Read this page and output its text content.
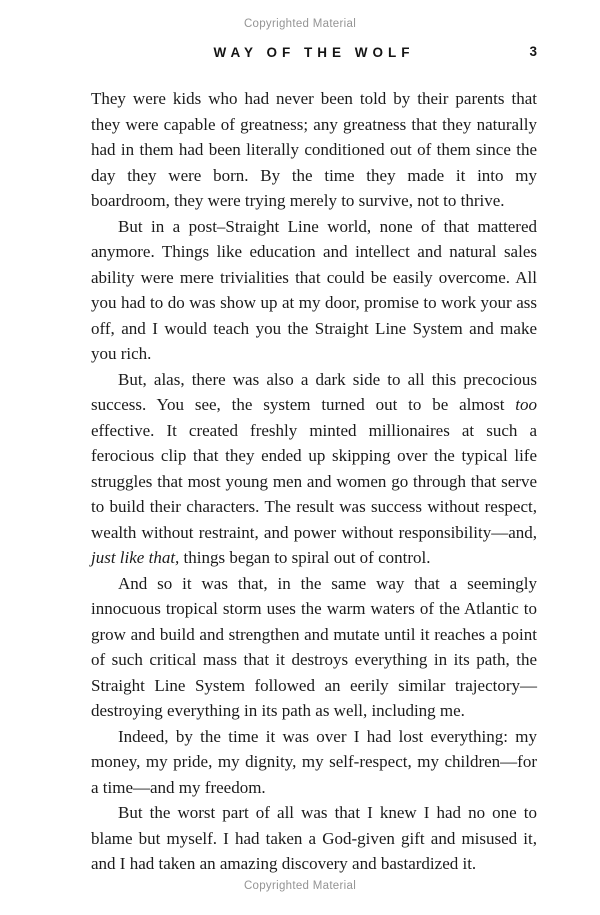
Copyrighted Material
WAY OF THE WOLF	3

They were kids who had never been told by their parents that they were capable of greatness; any greatness that they naturally had in them had been literally conditioned out of them since the day they were born. By the time they made it into my boardroom, they were trying merely to survive, not to thrive.

But in a post–Straight Line world, none of that mattered anymore. Things like education and intellect and natural sales ability were mere trivialities that could be easily overcome. All you had to do was show up at my door, promise to work your ass off, and I would teach you the Straight Line System and make you rich.

But, alas, there was also a dark side to all this precocious success. You see, the system turned out to be almost too effective. It created freshly minted millionaires at such a ferocious clip that they ended up skipping over the typical life struggles that most young men and women go through that serve to build their characters. The result was success without respect, wealth without restraint, and power without responsibility—and, just like that, things began to spiral out of control.

And so it was that, in the same way that a seemingly innocuous tropical storm uses the warm waters of the Atlantic to grow and build and strengthen and mutate until it reaches a point of such critical mass that it destroys everything in its path, the Straight Line System followed an eerily similar trajectory—destroying everything in its path as well, including me.

Indeed, by the time it was over I had lost everything: my money, my pride, my dignity, my self-respect, my children—for a time—and my freedom.

But the worst part of all was that I knew I had no one to blame but myself. I had taken a God-given gift and misused it, and I had taken an amazing discovery and bastardized it.

Copyrighted Material
